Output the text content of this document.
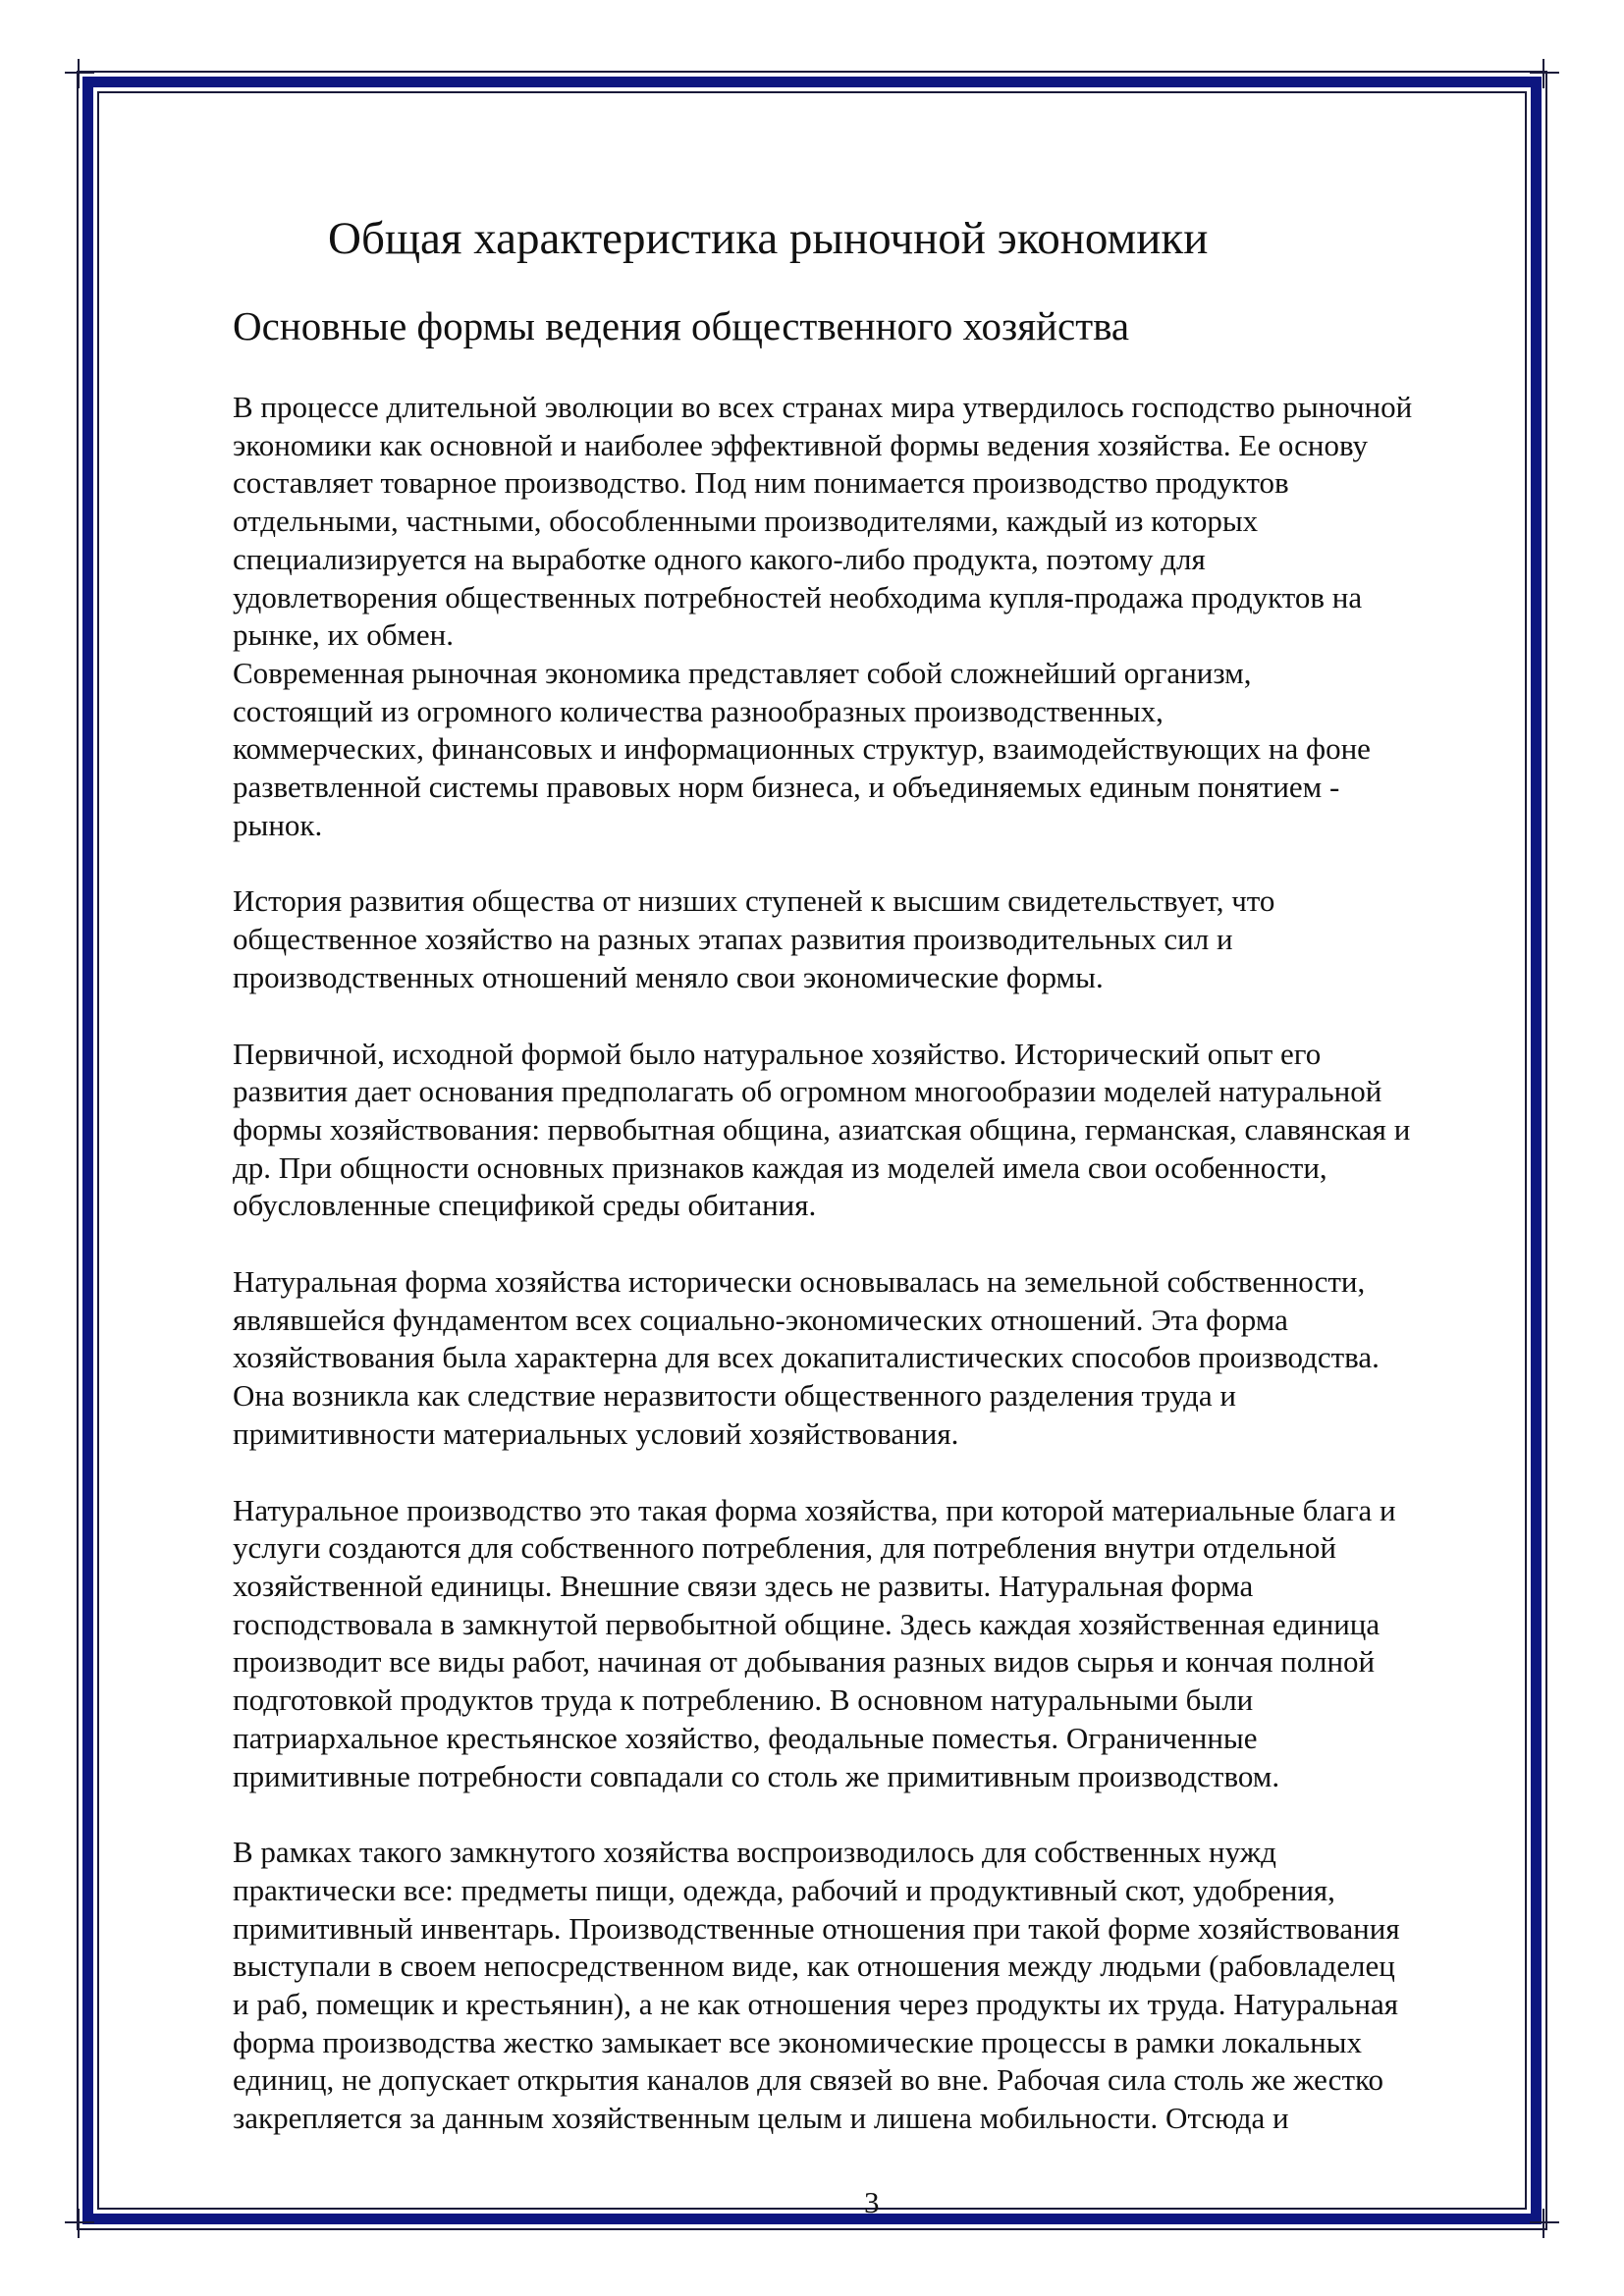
Общая характеристика рыночной экономики
Основные формы ведения общественного хозяйства

В процессе длительной эволюции во всех странах мира утвердилось господство рыночной
экономики как основной и наиболее эффективной формы ведения хозяйства. Ее основу
составляет товарное производство. Под ним понимается производство продуктов
отдельными, частными, обособленными производителями, каждый из которых
специализируется на выработке одного какого-либо продукта, поэтому для
удовлетворения общественных потребностей необходима купля-продажа продуктов на
рынке, их обмен.

Современная рыночная экономика представляет собой сложнейший организм,
состоящий из огромного количества разнообразных производственных,
коммерческих, финансовых и информационных структур, взаимодействующих на фоне
разветвленной системы правовых норм бизнеса, и объединяемых единым понятием -
рынок.

История развития общества от низших ступеней к высшим свидетельствует, что
общественное хозяйство на разных этапах развития производительных сил и
производственных отношений меняло свои экономические формы.

Первичной, исходной формой было натуральное хозяйство. Исторический опыт его
развития дает основания предполагать об огромном многообразии моделей натуральной
формы хозяйствования: первобытная община, азиатская община, германская, славянская и
др. При общности основных признаков каждая из моделей имела свои особенности,
обусловленные спецификой среды обитания.

Натуральная форма хозяйства исторически основывалась на земельной собственности,
являвшейся фундаментом всех социально-экономических отношений. Эта форма
хозяйствования была характерна для всех докапиталистических способов производства.
Она возникла как следствие неразвитости общественного разделения труда и
примитивности материальных условий хозяйствования.

Натуральное производство это такая форма хозяйства, при которой материальные блага и
услуги создаются для собственного потребления, для потребления внутри отдельной
хозяйственной единицы. Внешние связи здесь не развиты. Натуральная форма
господствовала в замкнутой первобытной общине. Здесь каждая хозяйственная единица
производит все виды работ, начиная от добывания разных видов сырья и кончая полной
подготовкой продуктов труда к потреблению. В основном натуральными были
патриархальное крестьянское хозяйство, феодальные поместья. Ограниченные
примитивные потребности совпадали со столь же примитивным производством.

В рамках такого замкнутого хозяйства воспроизводилось для собственных нужд
практически все: предметы пищи, одежда, рабочий и продуктивный скот, удобрения,
примитивный инвентарь. Производственные отношения при такой форме хозяйствования
выступали в своем непосредственном виде, как отношения между людьми (рабовладелец
и раб, помещик и крестьянин), а не как отношения через продукты их труда. Натуральная
форма производства жестко замыкает все экономические процессы в рамки локальных
единиц, не допускает открытия каналов для связей во вне. Рабочая сила столь же жестко
закрепляется за данным хозяйственным целым и лишена мобильности. Отсюда и

3
